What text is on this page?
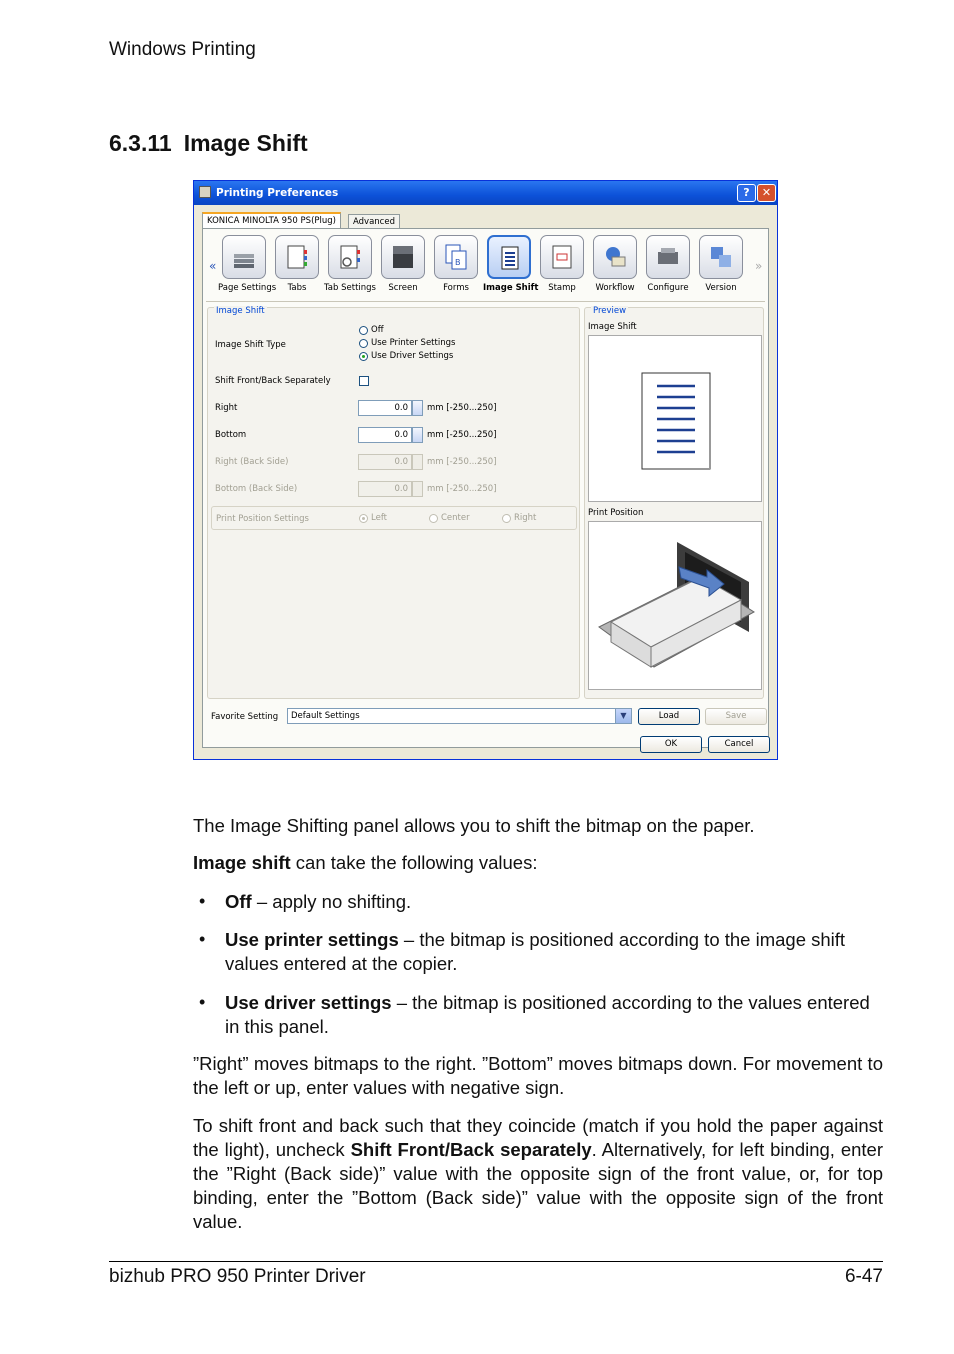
Windows Printing
6.3.11 Image Shift
Printing Preferences	?	✕
KONICA MINOLTA 950 PS(Plug)	Advanced
«
Page Settings	Tabs	Tab Settings	Screen
B
Forms	Image Shift	Stamp	Workflow	Configure	Version
»
Image Shift
Image Shift Type
Off
Use Printer Settings
Use Driver Settings
Shift Front/Back Separately
Right	0.0	mm [-250...250]
Bottom	0.0	mm [-250...250]
Right (Back Side)	0.0	mm [-250...250]
Bottom (Back Side)	0.0	mm [-250...250]
Print Position Settings	Left	Center	Right
Preview
Image Shift
Print Position
Favorite Setting	Default Settings	▼	Load	Save
OK	Cancel
The Image Shifting panel allows you to shift the bitmap on the paper.
Image shift can take the following values:
• Off – apply no shifting.
• Use printer settings – the bitmap is positioned according to the image shift values entered at the copier.
• Use driver settings – the bitmap is positioned according to the values entered in this panel.
”Right” moves bitmaps to the right. ”Bottom” moves bitmaps down. For movement to the left or up, enter values with negative sign.
To shift front and back such that they coincide (match if you hold the paper against the light), uncheck Shift Front/Back separately. Alternatively, for left binding, enter the ”Right (Back side)” value with the opposite sign of the front value, or, for top binding, enter the ”Bottom (Back side)” value with the opposite sign of the front value.
bizhub PRO 950 Printer Driver	6-47
